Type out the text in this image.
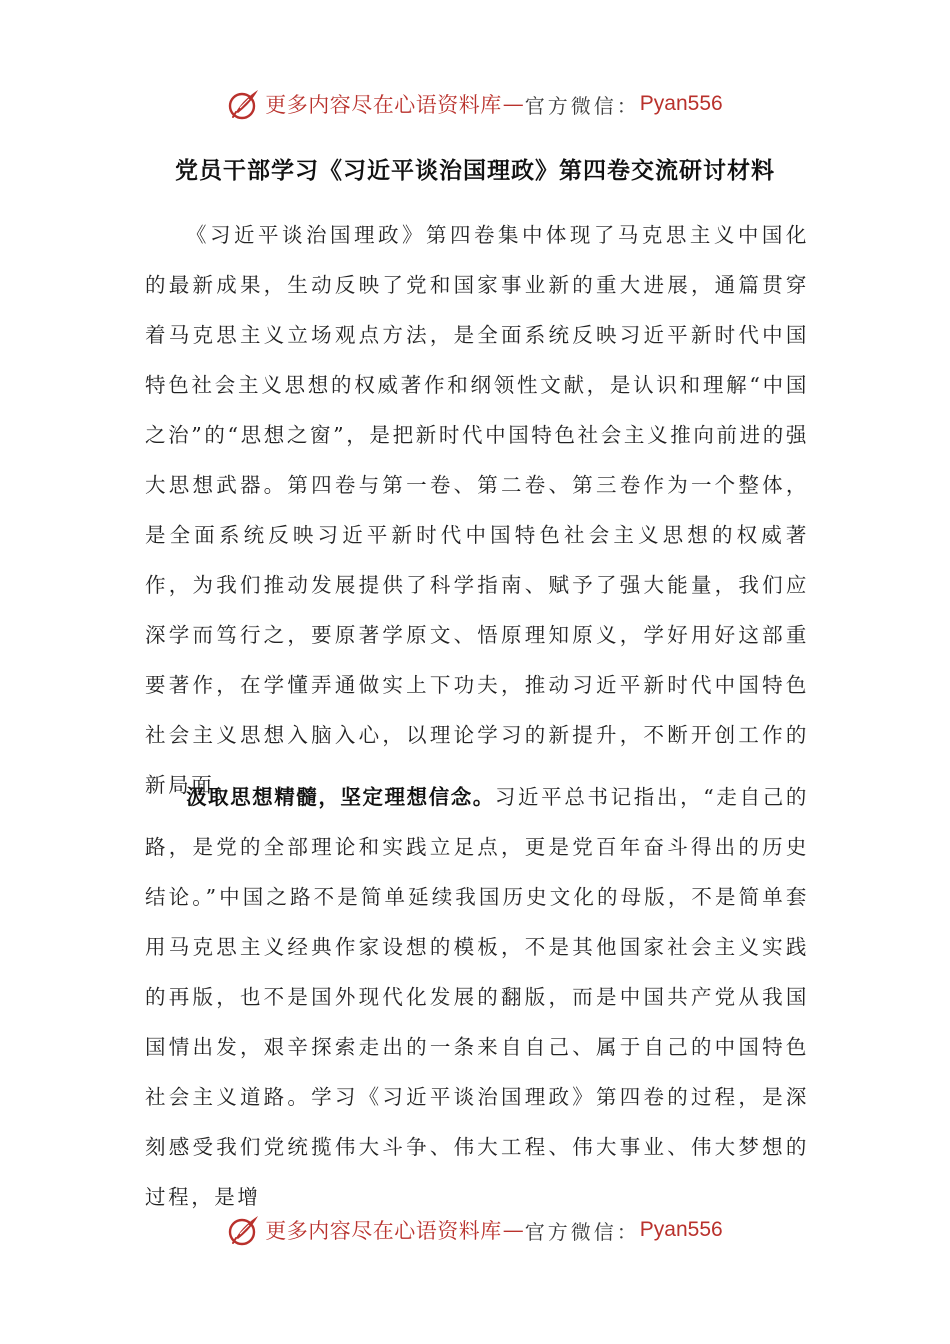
更多内容尽在心语资料库 — 官方微信： Pyan556
党员干部学习《习近平谈治国理政》第四卷交流研讨材料

《习近平谈治国理政》第四卷集中体现了马克思主义中国化的最新成果，生动反映了党和国家事业新的重大进展，通篇贯穿着马克思主义立场观点方法，是全面系统反映习近平新时代中国特色社会主义思想的权威著作和纲领性文献，是认识和理解“中国之治”的“思想之窗”，是把新时代中国特色社会主义推向前进的强大思想武器。第四卷与第一卷、第二卷、第三卷作为一个整体，是全面系统反映习近平新时代中国特色社会主义思想的权威著作，为我们推动发展提供了科学指南、赋予了强大能量，我们应深学而笃行之，要原著学原文、悟原理知原义，学好用好这部重要著作，在学懂弄通做实上下功夫，推动习近平新时代中国特色社会主义思想入脑入心，以理论学习的新提升，不断开创工作的新局面。

汲取思想精髓，坚定理想信念。习近平总书记指出，“走自己的路，是党的全部理论和实践立足点，更是党百年奋斗得出的历史结论。”中国之路不是简单延续我国历史文化的母版，不是简单套用马克思主义经典作家设想的模板，不是其他国家社会主义实践的再版，也不是国外现代化发展的翻版，而是中国共产党从我国国情出发，艰辛探索走出的一条来自自己、属于自己的中国特色社会主义道路。学习《习近平谈治国理政》第四卷的过程，是深刻感受我们党统揽伟大斗争、伟大工程、伟大事业、伟大梦想的过程，是增

更多内容尽在心语资料库 — 官方微信： Pyan556
